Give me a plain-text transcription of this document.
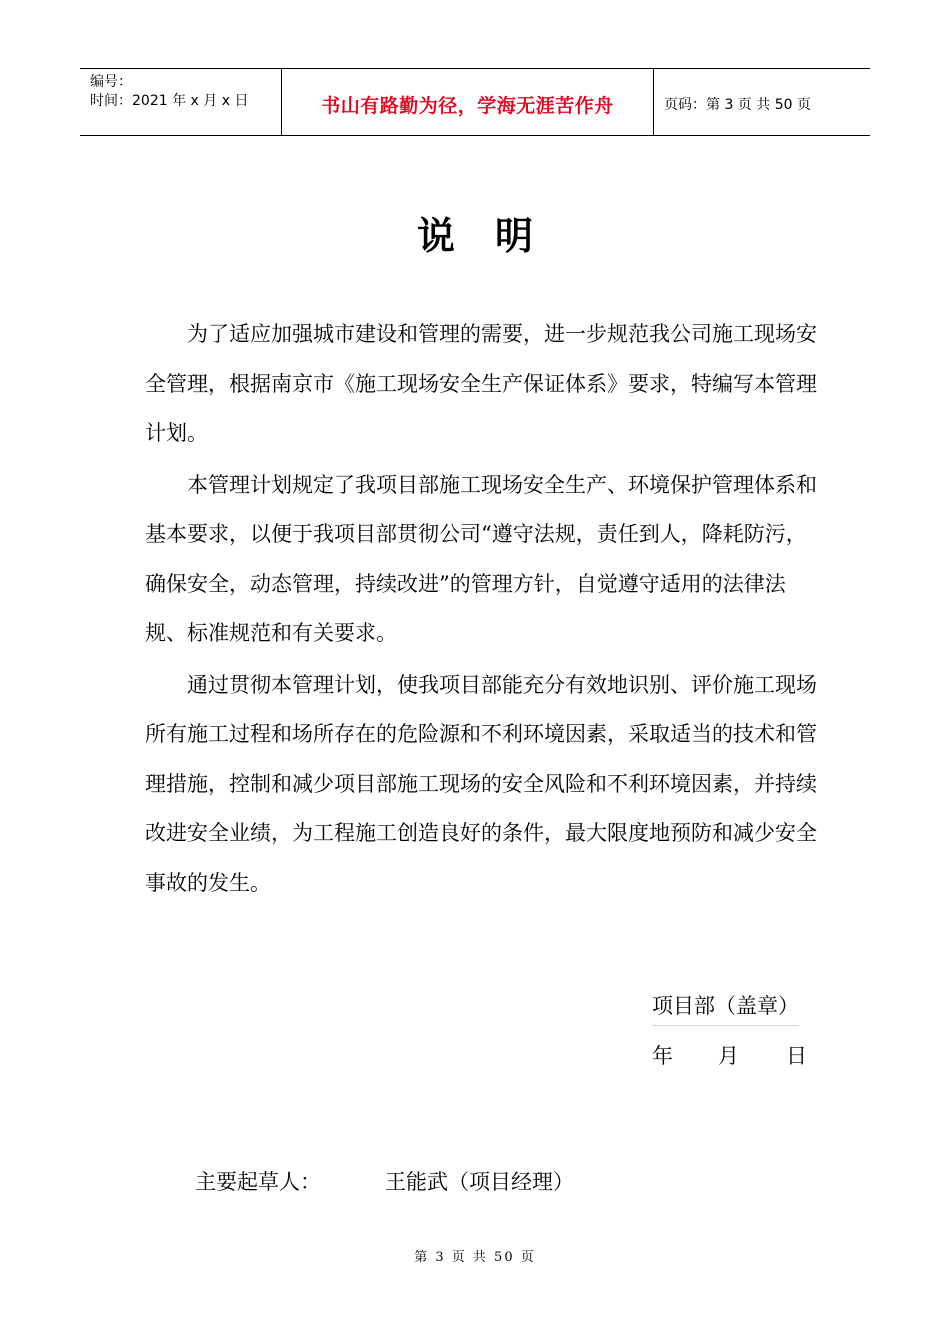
编号：
时间：2021 年 x 月 x 日	书山有路勤为径，学海无涯苦作舟	页码：第 3 页 共 50 页
说明

为了适应加强城市建设和管理的需要，进一步规范我公司施工现场安全管理，根据南京市《施工现场安全生产保证体系》要求，特编写本管理计划。

本管理计划规定了我项目部施工现场安全生产、环境保护管理体系和基本要求，以便于我项目部贯彻公司“遵守法规，责任到人，降耗防污，确保安全，动态管理，持续改进”的管理方针，自觉遵守适用的法律法规、标准规范和有关要求。

通过贯彻本管理计划，使我项目部能充分有效地识别、评价施工现场所有施工过程和场所存在的危险源和不利环境因素，采取适当的技术和管理措施，控制和减少项目部施工现场的安全风险和不利环境因素，并持续改进安全业绩，为工程施工创造良好的条件，最大限度地预防和减少安全事故的发生。

项目部（盖章）
年	月	日
主要起草人：	王能武（项目经理）
第 3 页 共 50 页
